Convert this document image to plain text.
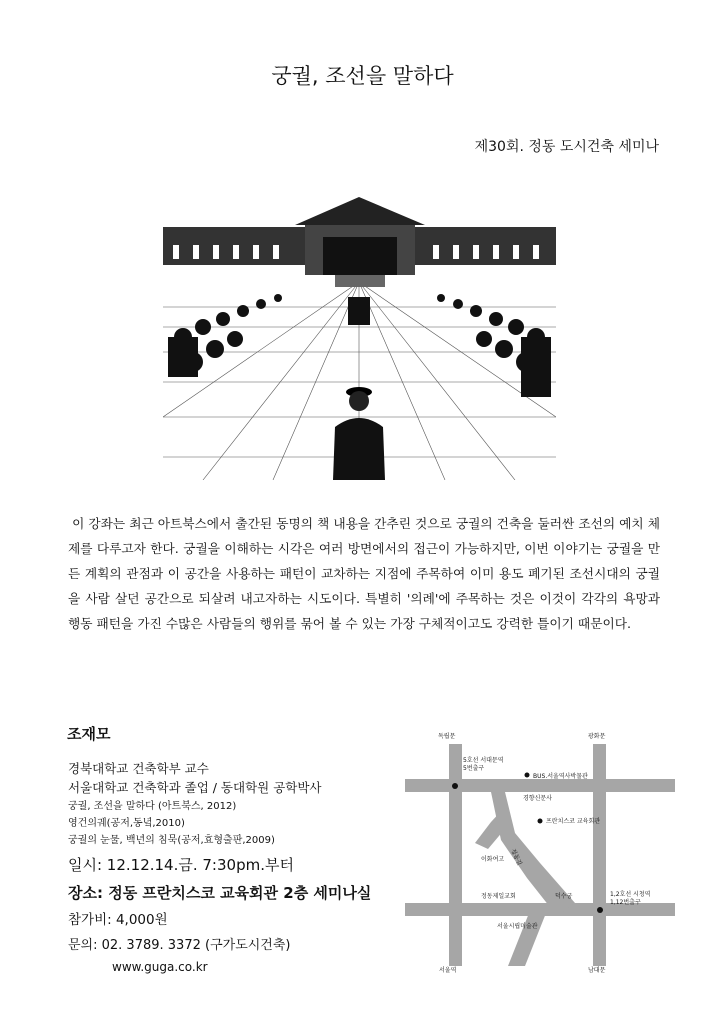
궁궐, 조선을 말하다
제30회. 정동 도시건축 세미나
이 강좌는 최근 아트북스에서 출간된 동명의 책 내용을 간추린 것으로 궁궐의 건축을 둘러싼 조선의 예치 체제를 다루고자 한다. 궁궐을 이해하는 시각은 여러 방면에서의 접근이 가능하지만, 이번 이야기는 궁궐을 만든 계획의 관점과 이 공간을 사용하는 패턴이 교차하는 지점에 주목하여 이미 용도 폐기된 조선시대의 궁궐을 사람 살던 공간으로 되살려 내고자하는 시도이다. 특별히 '의례'에 주목하는 것은 이것이 각각의 욕망과 행동 패턴을 가진 수많은 사람들의 행위를 묶어 볼 수 있는 가장 구체적이고도 강력한 틀이기 때문이다.
조재모
경북대학교 건축학부 교수
서울대학교 건축학과 졸업 / 동대학원 공학박사
궁궐, 조선을 말하다 (아트북스, 2012)
영건의궤(공저,동녘,2010)
궁궐의 눈물, 백년의 침묵(공저,효형출판,2009)
일시: 12.12.14.금. 7:30pm.부터
장소: 정동 프란치스코 교육회관 2층 세미나실
참가비: 4,000원
문의: 02. 3789. 3372 (구가도시건축)
www.guga.co.kr
독립문	광화문
5호선 서대문역
5번출구
BUS.서울역사박물관
경향신문사
프란치스코 교육회관
이화여고 정동길
정동제일교회	덕수궁	1,2호선 시청역
1,12번출구
서울시립미술관
서울역	남대문
